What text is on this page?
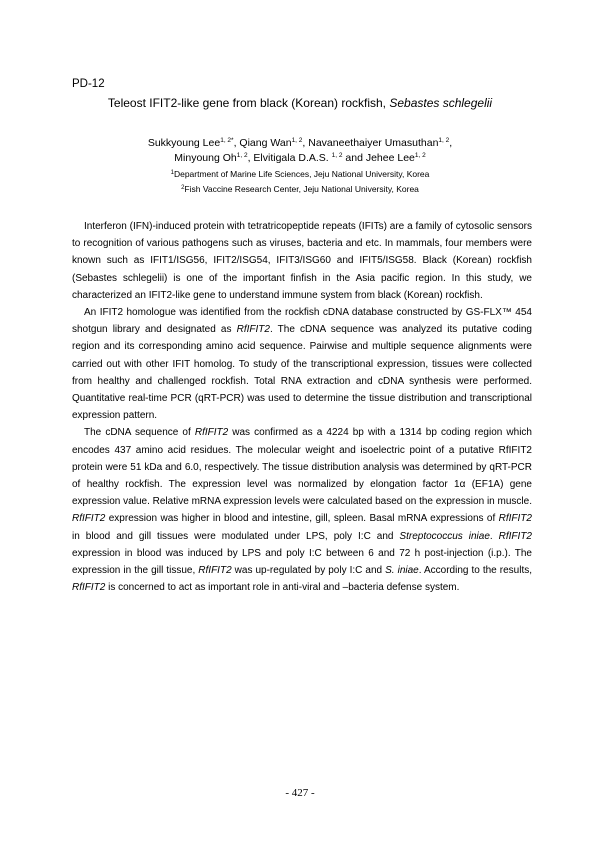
PD-12
Teleost IFIT2-like gene from black (Korean) rockfish, Sebastes schlegelii
Sukkyoung Lee$^{1, 2*}$, Qiang Wan$^{1, 2}$, Navaneethaiyer Umasuthan$^{1, 2}$,
Minyoung Oh$^{1, 2}$, Elvitigala D.A.S. $^{1, 2}$ and Jehee Lee$^{1, 2}$
$^1$Department of Marine Life Sciences, Jeju National University, Korea
$^2$Fish Vaccine Research Center, Jeju National University, Korea

Interferon (IFN)-induced protein with tetratricopeptide repeats (IFITs) are a family of cytosolic sensors to recognition of various pathogens such as viruses, bacteria and etc. In mammals, four members were known such as IFIT1/ISG56, IFIT2/ISG54, IFIT3/ISG60 and IFIT5/ISG58. Black (Korean) rockfish (Sebastes schlegelii) is one of the important finfish in the Asia pacific region. In this study, we characterized an IFIT2-like gene to understand immune system from black (Korean) rockfish.

An IFIT2 homologue was identified from the rockfish cDNA database constructed by GS-FLX™ 454 shotgun library and designated as RfIFIT2. The cDNA sequence was analyzed its putative coding region and its corresponding amino acid sequence. Pairwise and multiple sequence alignments were carried out with other IFIT homolog. To study of the transcriptional expression, tissues were collected from healthy and challenged rockfish. Total RNA extraction and cDNA synthesis were performed. Quantitative real-time PCR (qRT-PCR) was used to determine the tissue distribution and transcriptional expression pattern.

The cDNA sequence of RfIFIT2 was confirmed as a 4224 bp with a 1314 bp coding region which encodes 437 amino acid residues. The molecular weight and isoelectric point of a putative RfIFIT2 protein were 51 kDa and 6.0, respectively. The tissue distribution analysis was determined by qRT-PCR of healthy rockfish. The expression level was normalized by elongation factor 1α (EF1A) gene expression value. Relative mRNA expression levels were calculated based on the expression in muscle. RfIFIT2 expression was higher in blood and intestine, gill, spleen. Basal mRNA expressions of RfIFIT2 in blood and gill tissues were modulated under LPS, poly I:C and Streptococcus iniae. RfIFIT2 expression in blood was induced by LPS and poly I:C between 6 and 72 h post-injection (i.p.). The expression in the gill tissue, RfIFIT2 was up-regulated by poly I:C and S. iniae. According to the results, RfIFIT2 is concerned to act as important role in anti-viral and –bacteria defense system.

- 427 -
